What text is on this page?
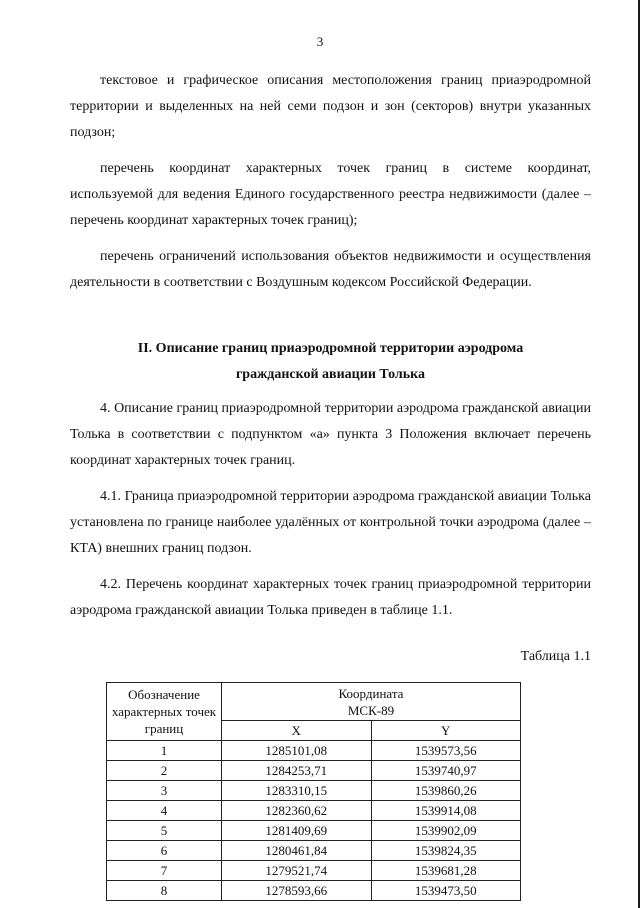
3

текстовое и графическое описания местоположения границ приаэродромной территории и выделенных на ней семи подзон и зон (секторов) внутри указанных подзон;

перечень координат характерных точек границ в системе координат, используемой для ведения Единого государственного реестра недвижимости (далее – перечень координат характерных точек границ);

перечень ограничений использования объектов недвижимости и осуществления деятельности в соответствии с Воздушным кодексом Российской Федерации.

II. Описание границ приаэродромной территории аэродрома
гражданской авиации Толька

4. Описание границ приаэродромной территории аэродрома гражданской авиации Толька в соответствии с подпунктом «а» пункта 3 Положения включает перечень координат характерных точек границ.

4.1. Граница приаэродромной территории аэродрома гражданской авиации Толька установлена по границе наиболее удалённых от контрольной точки аэродрома (далее – КТА) внешних границ подзон.

4.2. Перечень координат характерных точек границ приаэродромной территории аэродрома гражданской авиации Толька приведен в таблице 1.1.

Таблица 1.1
Обозначение характерных точек границ	Координата
МСК-89	

	X	Y
1	1285101,08	1539573,56
2	1284253,71	1539740,97
3	1283310,15	1539860,26
4	1282360,62	1539914,08
5	1281409,69	1539902,09
6	1280461,84	1539824,35
7	1279521,74	1539681,28
8	1278593,66	1539473,50
